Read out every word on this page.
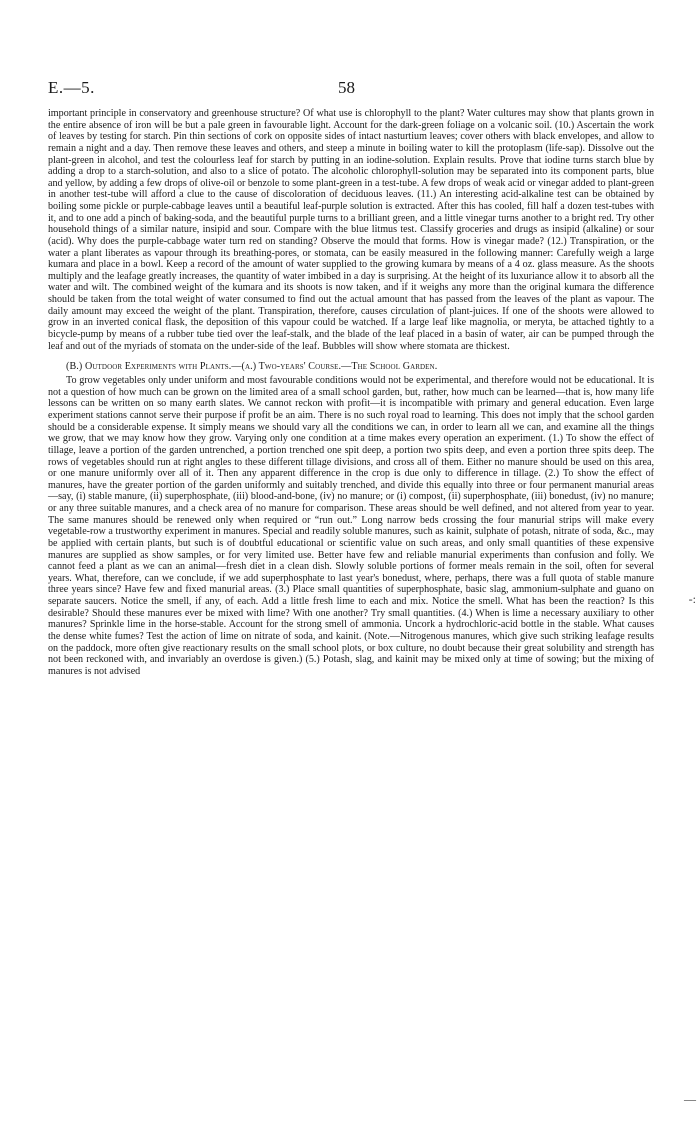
E.—5.	58

important principle in conservatory and greenhouse structure? Of what use is chlorophyll to the plant? Water cultures may show that plants grown in the entire absence of iron will be but a pale green in favourable light. Account for the dark-green foliage on a volcanic soil. (10.) Ascertain the work of leaves by testing for starch. Pin thin sections of cork on opposite sides of intact nasturtium leaves; cover others with black envelopes, and allow to remain a night and a day. Then remove these leaves and others, and steep a minute in boiling water to kill the protoplasm (life-sap). Dissolve out the plant-green in alcohol, and test the colourless leaf for starch by putting in an iodine-solution. Explain results. Prove that iodine turns starch blue by adding a drop to a starch-solution, and also to a slice of potato. The alcoholic chlorophyll-solution may be separated into its component parts, blue and yellow, by adding a few drops of olive-oil or benzole to some plant-green in a test-tube. A few drops of weak acid or vinegar added to plant-green in another test-tube will afford a clue to the cause of discoloration of deciduous leaves. (11.) An interesting acid-alkaline test can be obtained by boiling some pickle or purple-cabbage leaves until a beautiful leaf-purple solution is extracted. After this has cooled, fill half a dozen test-tubes with it, and to one add a pinch of baking-soda, and the beautiful purple turns to a brilliant green, and a little vinegar turns another to a bright red. Try other household things of a similar nature, insipid and sour. Compare with the blue litmus test. Classify groceries and drugs as insipid (alkaline) or sour (acid). Why does the purple-cabbage water turn red on standing? Observe the mould that forms. How is vinegar made? (12.) Transpiration, or the water a plant liberates as vapour through its breathing-pores, or stomata, can be easily measured in the following manner: Carefully weigh a large kumara and place in a bowl. Keep a record of the amount of water supplied to the growing kumara by means of a 4 oz. glass measure. As the shoots multiply and the leafage greatly increases, the quantity of water imbibed in a day is surprising. At the height of its luxuriance allow it to absorb all the water and wilt. The combined weight of the kumara and its shoots is now taken, and if it weighs any more than the original kumara the difference should be taken from the total weight of water consumed to find out the actual amount that has passed from the leaves of the plant as vapour. The daily amount may exceed the weight of the plant. Transpiration, therefore, causes circulation of plant-juices. If one of the shoots were allowed to grow in an inverted conical flask, the deposition of this vapour could be watched. If a large leaf like magnolia, or meryta, be attached tightly to a bicycle-pump by means of a rubber tube tied over the leaf-stalk, and the blade of the leaf placed in a basin of water, air can be pumped through the leaf and out of the myriads of stomata on the under-side of the leaf. Bubbles will show where stomata are thickest.

(B.) Outdoor Experiments with Plants.—(a.) Two-years' Course.—The School Garden.

To grow vegetables only under uniform and most favourable conditions would not be experimental, and therefore would not be educational. It is not a question of how much can be grown on the limited area of a small school garden, but, rather, how much can be learned—that is, how many life lessons can be written on so many earth slates. We cannot reckon with profit—it is incompatible with primary and general education. Even large experiment stations cannot serve their purpose if profit be an aim. There is no such royal road to learning. This does not imply that the school garden should be a considerable expense. It simply means we should vary all the conditions we can, in order to learn all we can, and examine all the things we grow, that we may know how they grow. Varying only one condition at a time makes every operation an experiment. (1.) To show the effect of tillage, leave a portion of the garden untrenched, a portion trenched one spit deep, a portion two spits deep, and even a portion three spits deep. The rows of vegetables should run at right angles to these different tillage divisions, and cross all of them. Either no manure should be used on this area, or one manure uniformly over all of it. Then any apparent difference in the crop is due only to difference in tillage. (2.) To show the effect of manures, have the greater portion of the garden uniformly and suitably trenched, and divide this equally into three or four permanent manurial areas—say, (i) stable manure, (ii) superphosphate, (iii) blood-and-bone, (iv) no manure; or (i) compost, (ii) superphosphate, (iii) bonedust, (iv) no manure; or any three suitable manures, and a check area of no manure for comparison. These areas should be well defined, and not altered from year to year. The same manures should be renewed only when required or “run out.” Long narrow beds crossing the four manurial strips will make every vegetable-row a trustworthy experiment in manures. Special and readily soluble manures, such as kainit, sulphate of potash, nitrate of soda, &c., may be applied with certain plants, but such is of doubtful educational or scientific value on such areas, and only small quantities of these expensive manures are supplied as show samples, or for very limited use. Better have few and reliable manurial experiments than confusion and folly. We cannot feed a plant as we can an animal—fresh diet in a clean dish. Slowly soluble portions of former meals remain in the soil, often for several years. What, therefore, can we conclude, if we add superphosphate to last year's bonedust, where, perhaps, there was a full quota of stable manure three years since? Have few and fixed manurial areas. (3.) Place small quantities of superphosphate, basic slag, ammonium-sulphate and guano on separate saucers. Notice the smell, if any, of each. Add a little fresh lime to each and mix. Notice the smell. What has been the reaction? Is this desirable? Should these manures ever be mixed with lime? With one another? Try small quantities. (4.) When is lime a necessary auxiliary to other manures? Sprinkle lime in the horse-stable. Account for the strong smell of ammonia. Uncork a hydrochloric-acid bottle in the stable. What causes the dense white fumes? Test the action of lime on nitrate of soda, and kainit. (Note.—Nitrogenous manures, which give such striking leafage results on the paddock, more often give reactionary results on the small school plots, or box culture, no doubt because their great solubility and strength has not been reckoned with, and invariably an overdose is given.) (5.) Potash, slag, and kainit may be mixed only at time of sowing; but the mixing of manures is not advised

-:
—
